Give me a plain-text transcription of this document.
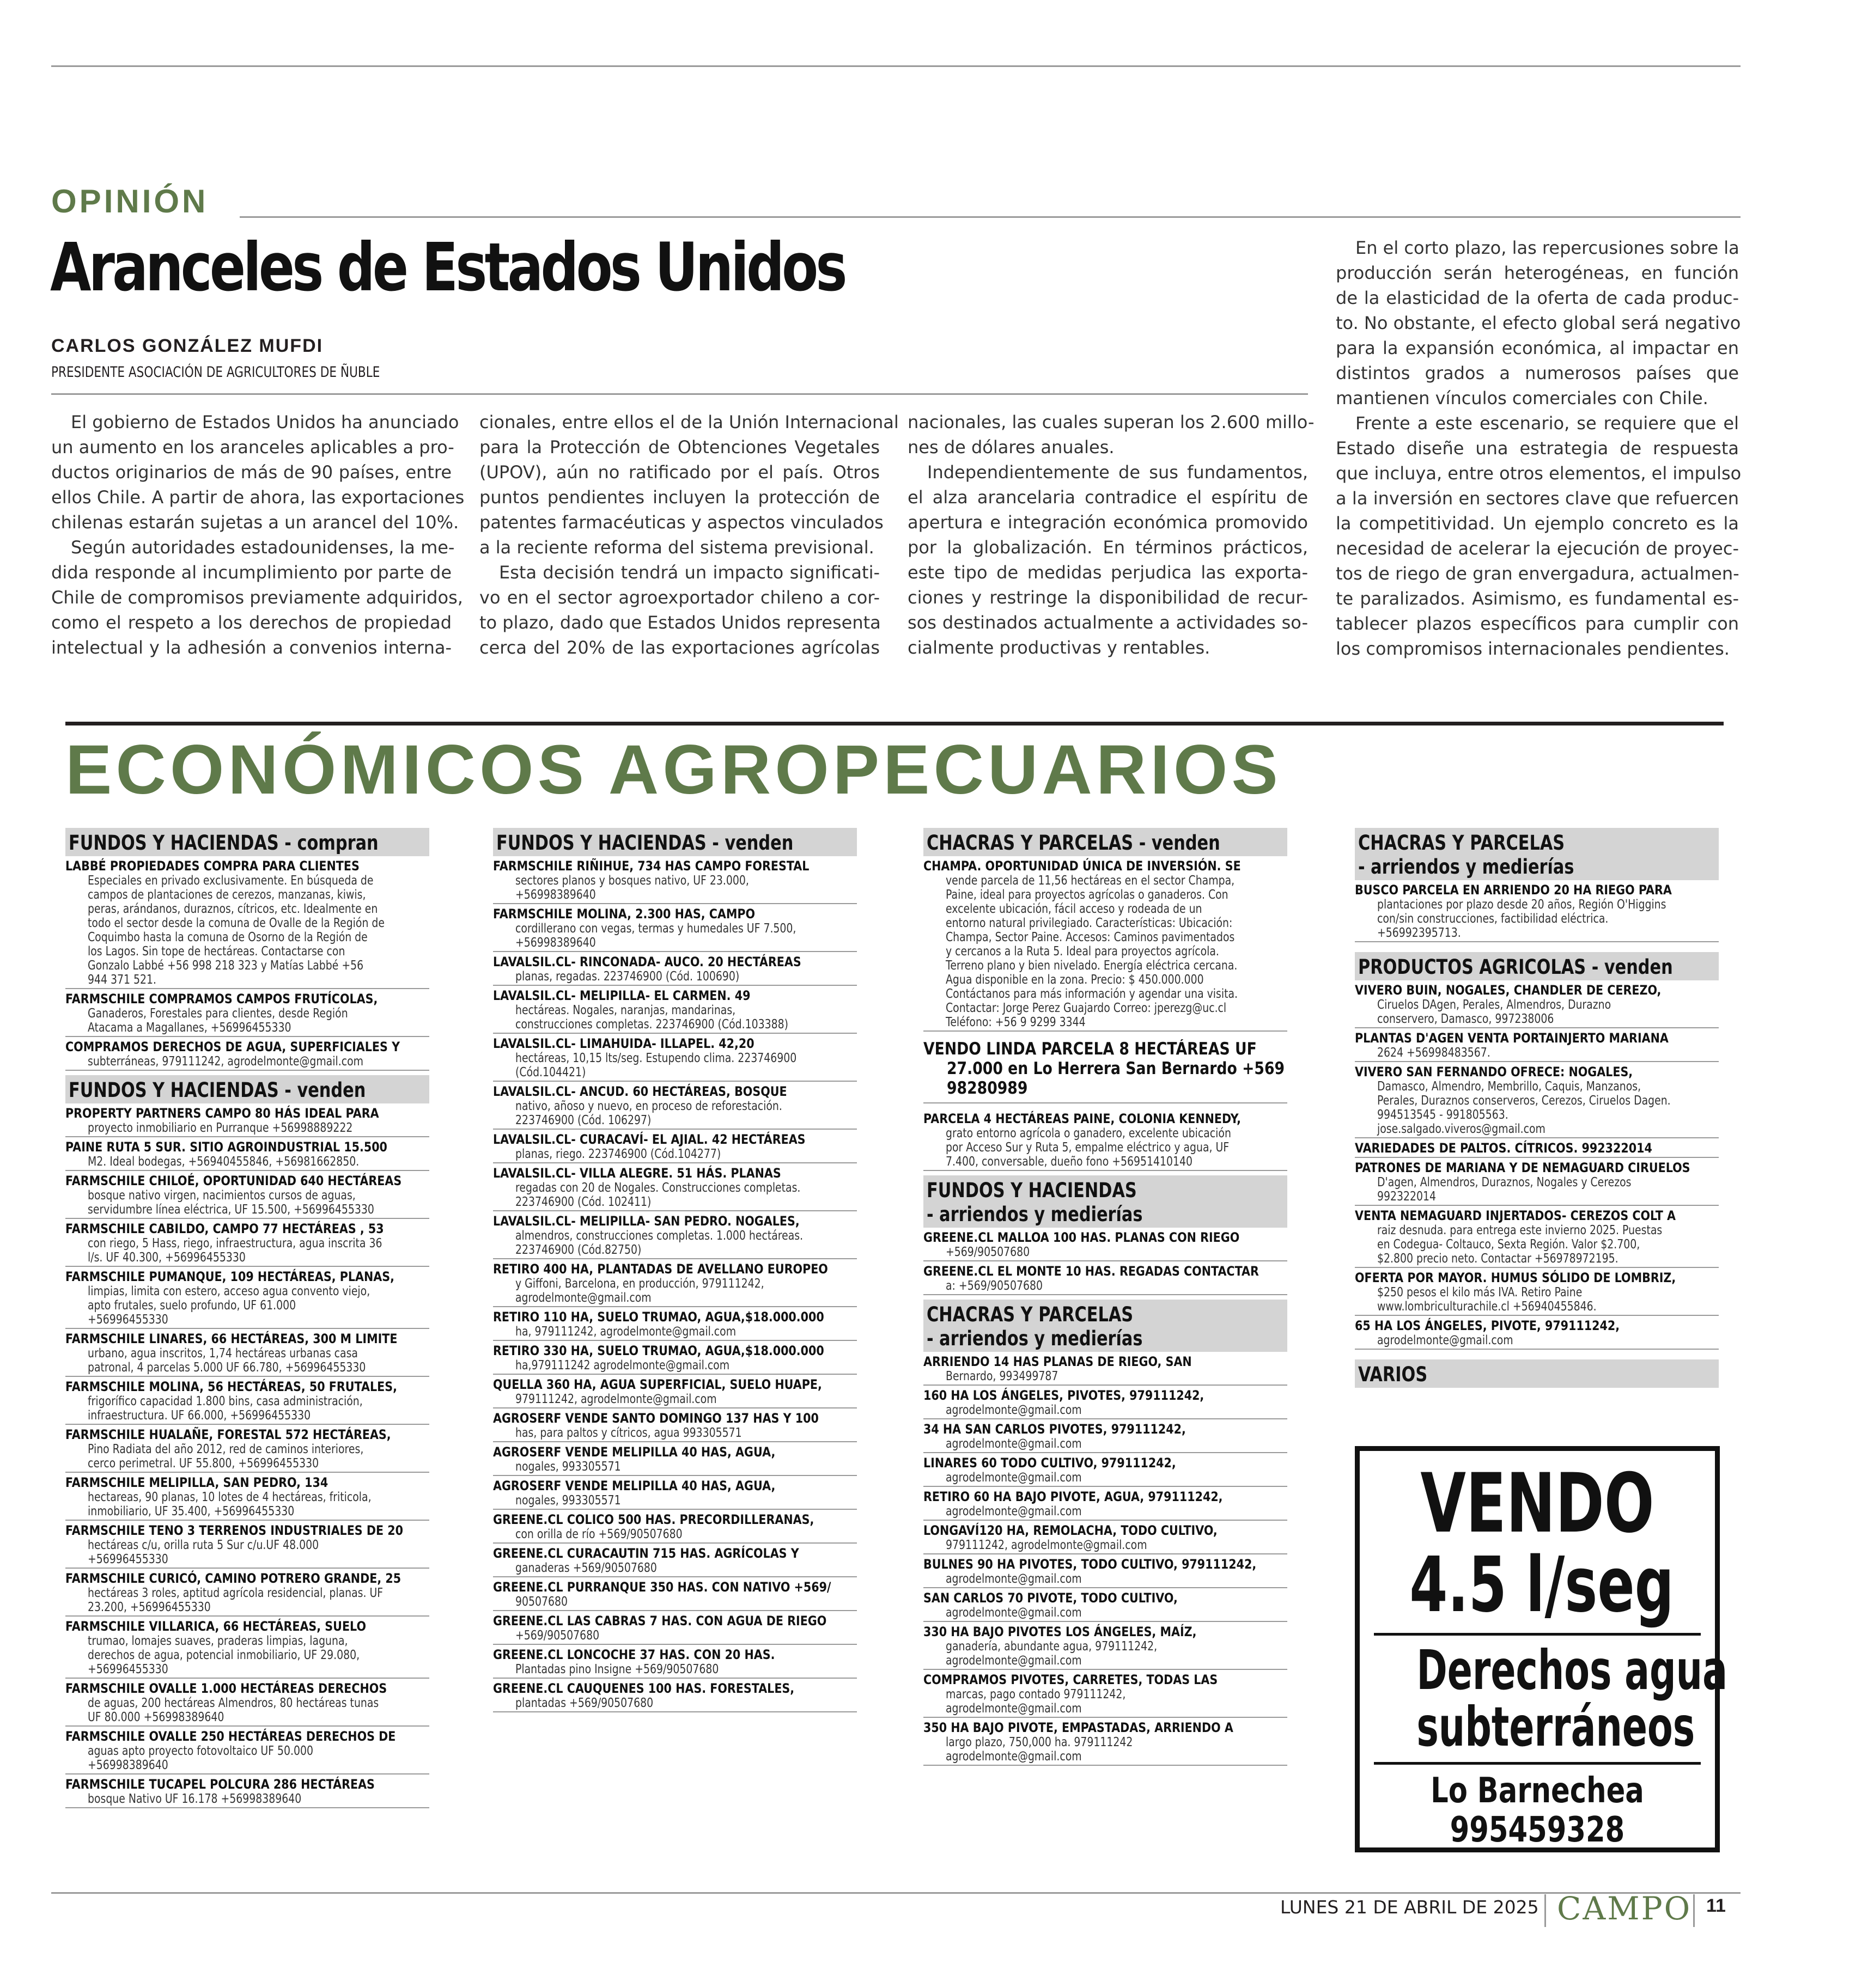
OPINIÓN
Aranceles de Estados Unidos
CARLOS GONZÁLEZ MUFDI
PRESIDENTE ASOCIACIÓN DE AGRICULTORES DE ÑUBLE
El gobierno de Estados Unidos ha anunciado
un aumento en los aranceles aplicables a pro-
ductos originarios de más de 90 países, entre
ellos Chile. A partir de ahora, las exportaciones
chilenas estarán sujetas a un arancel del 10%.
Según autoridades estadounidenses, la me-
dida responde al incumplimiento por parte de
Chile de compromisos previamente adquiridos,
como el respeto a los derechos de propiedad
intelectual y la adhesión a convenios interna-
cionales, entre ellos el de la Unión Internacional
para la Protección de Obtenciones Vegetales
(UPOV), aún no ratificado por el país. Otros
puntos pendientes incluyen la protección de
patentes farmacéuticas y aspectos vinculados
a la reciente reforma del sistema previsional.
Esta decisión tendrá un impacto significati-
vo en el sector agroexportador chileno a cor-
to plazo, dado que Estados Unidos representa
cerca del 20% de las exportaciones agrícolas
nacionales, las cuales superan los 2.600 millo-
nes de dólares anuales.
Independientemente de sus fundamentos,
el alza arancelaria contradice el espíritu de
apertura e integración económica promovido
por la globalización. En términos prácticos,
este tipo de medidas perjudica las exporta-
ciones y restringe la disponibilidad de recur-
sos destinados actualmente a actividades so-
cialmente productivas y rentables.
En el corto plazo, las repercusiones sobre la
producción serán heterogéneas, en función
de la elasticidad de la oferta de cada produc-
to. No obstante, el efecto global será negativo
para la expansión económica, al impactar en
distintos grados a numerosos países que
mantienen vínculos comerciales con Chile.
Frente a este escenario, se requiere que el
Estado diseñe una estrategia de respuesta
que incluya, entre otros elementos, el impulso
a la inversión en sectores clave que refuercen
la competitividad. Un ejemplo concreto es la
necesidad de acelerar la ejecución de proyec-
tos de riego de gran envergadura, actualmen-
te paralizados. Asimismo, es fundamental es-
tablecer plazos específicos para cumplir con
los compromisos internacionales pendientes.
ECONÓMICOS AGROPECUARIOS
FUNDOS Y HACIENDAS - compran
LABBÉ PROPIEDADES COMPRA PARA CLIENTES
Especiales en privado exclusivamente. En búsqueda de
campos de plantaciones de cerezos, manzanas, kiwis,
peras, arándanos, duraznos, cítricos, etc. Idealmente en
todo el sector desde la comuna de Ovalle de la Región de
Coquimbo hasta la comuna de Osorno de la Región de
los Lagos. Sin tope de hectáreas. Contactarse con
Gonzalo Labbé +56 998 218 323 y Matías Labbé +56
944 371 521.
FARMSCHILE COMPRAMOS CAMPOS FRUTÍCOLAS,
Ganaderos, Forestales para clientes, desde Región
Atacama a Magallanes, +56996455330
COMPRAMOS DERECHOS DE AGUA, SUPERFICIALES Y
subterráneas, 979111242, agrodelmonte@gmail.com
FUNDOS Y HACIENDAS - venden
PROPERTY PARTNERS CAMPO 80 HÁS IDEAL PARA
proyecto inmobiliario en Purranque +56998889222
PAINE RUTA 5 SUR. SITIO AGROINDUSTRIAL 15.500
M2. Ideal bodegas, +56940455846, +56981662850.
FARMSCHILE CHILOÉ, OPORTUNIDAD 640 HECTÁREAS
bosque nativo virgen, nacimientos cursos de aguas,
servidumbre línea eléctrica, UF 15.500, +56996455330
FARMSCHILE CABILDO, CAMPO 77 HECTÁREAS , 53
con riego, 5 Hass, riego, infraestructura, agua inscrita 36
l/s. UF 40.300, +56996455330
FARMSCHILE PUMANQUE, 109 HECTÁREAS, PLANAS,
limpias, limita con estero, acceso agua convento viejo,
apto frutales, suelo profundo, UF 61.000
+56996455330
FARMSCHILE LINARES, 66 HECTÁREAS, 300 M LIMITE
urbano, agua inscritos, 1,74 hectáreas urbanas casa
patronal, 4 parcelas 5.000 UF 66.780, +56996455330
FARMSCHILE MOLINA, 56 HECTÁREAS, 50 FRUTALES,
frigorífico capacidad 1.800 bins, casa administración,
infraestructura. UF 66.000, +56996455330
FARMSCHILE HUALAÑE, FORESTAL 572 HECTÁREAS,
Pino Radiata del año 2012, red de caminos interiores,
cerco perimetral. UF 55.800, +56996455330
FARMSCHILE MELIPILLA, SAN PEDRO, 134
hectareas, 90 planas, 10 lotes de 4 hectáreas, friticola,
inmobiliario, UF 35.400, +56996455330
FARMSCHILE TENO 3 TERRENOS INDUSTRIALES DE 20
hectáreas c/u, orilla ruta 5 Sur c/u.UF 48.000
+56996455330
FARMSCHILE CURICÓ, CAMINO POTRERO GRANDE, 25
hectáreas 3 roles, aptitud agrícola residencial, planas. UF
23.200, +56996455330
FARMSCHILE VILLARICA, 66 HECTÁREAS, SUELO
trumao, lomajes suaves, praderas limpias, laguna,
derechos de agua, potencial inmobiliario, UF 29.080,
+56996455330
FARMSCHILE OVALLE 1.000 HECTÁREAS DERECHOS
de aguas, 200 hectáreas Almendros, 80 hectáreas tunas
UF 80.000 +56998389640
FARMSCHILE OVALLE 250 HECTÁREAS DERECHOS DE
aguas apto proyecto fotovoltaico UF 50.000
+56998389640
FARMSCHILE TUCAPEL POLCURA 286 HECTÁREAS
bosque Nativo UF 16.178 +56998389640
FUNDOS Y HACIENDAS - venden
FARMSCHILE RIÑIHUE, 734 HAS CAMPO FORESTAL
sectores planos y bosques nativo, UF 23.000,
+56998389640
FARMSCHILE MOLINA, 2.300 HAS, CAMPO
cordillerano con vegas, termas y humedales UF 7.500,
+56998389640
LAVALSIL.CL- RINCONADA- AUCO. 20 HECTÁREAS
planas, regadas. 223746900 (Cód. 100690)
LAVALSIL.CL- MELIPILLA- EL CARMEN. 49
hectáreas. Nogales, naranjas, mandarinas,
construcciones completas. 223746900 (Cód.103388)
LAVALSIL.CL- LIMAHUIDA- ILLAPEL. 42,20
hectáreas, 10,15 lts/seg. Estupendo clima. 223746900
(Cód.104421)
LAVALSIL.CL- ANCUD. 60 HECTÁREAS, BOSQUE
nativo, añoso y nuevo, en proceso de reforestación.
223746900 (Cód. 106297)
LAVALSIL.CL- CURACAVÍ- EL AJIAL. 42 HECTÁREAS
planas, riego. 223746900 (Cód.104277)
LAVALSIL.CL- VILLA ALEGRE. 51 HÁS. PLANAS
regadas con 20 de Nogales. Construcciones completas.
223746900 (Cód. 102411)
LAVALSIL.CL- MELIPILLA- SAN PEDRO. NOGALES,
almendros, construcciones completas. 1.000 hectáreas.
223746900 (Cód.82750)
RETIRO 400 HA, PLANTADAS DE AVELLANO EUROPEO
y Giffoni, Barcelona, en producción, 979111242,
agrodelmonte@gmail.com
RETIRO 110 HA, SUELO TRUMAO, AGUA,$18.000.000
ha, 979111242, agrodelmonte@gmail.com
RETIRO 330 HA, SUELO TRUMAO, AGUA,$18.000.000
ha,979111242 agrodelmonte@gmail.com
QUELLA 360 HA, AGUA SUPERFICIAL, SUELO HUAPE,
979111242, agrodelmonte@gmail.com
AGROSERF VENDE SANTO DOMINGO 137 HAS Y 100
has, para paltos y cítricos, agua 993305571
AGROSERF VENDE MELIPILLA 40 HAS, AGUA,
nogales, 993305571
AGROSERF VENDE MELIPILLA 40 HAS, AGUA,
nogales, 993305571
GREENE.CL COLICO 500 HAS. PRECORDILLERANAS,
con orilla de río +569/90507680
GREENE.CL CURACAUTIN 715 HAS. AGRÍCOLAS Y
ganaderas +569/90507680
GREENE.CL PURRANQUE 350 HAS. CON NATIVO +569/
90507680
GREENE.CL LAS CABRAS 7 HAS. CON AGUA DE RIEGO
+569/90507680
GREENE.CL LONCOCHE 37 HAS. CON 20 HAS.
Plantadas pino Insigne +569/90507680
GREENE.CL CAUQUENES 100 HAS. FORESTALES,
plantadas +569/90507680
CHACRAS Y PARCELAS - venden
CHAMPA. OPORTUNIDAD ÚNICA DE INVERSIÓN. SE
vende parcela de 11,56 hectáreas en el sector Champa,
Paine, ideal para proyectos agrícolas o ganaderos. Con
excelente ubicación, fácil acceso y rodeada de un
entorno natural privilegiado. Características: Ubicación:
Champa, Sector Paine. Accesos: Caminos pavimentados
y cercanos a la Ruta 5. Ideal para proyectos agrícola.
Terreno plano y bien nivelado. Energía eléctrica cercana.
Agua disponible en la zona. Precio: $ 450.000.000
Contáctanos para más información y agendar una visita.
Contactar: Jorge Perez Guajardo Correo: jperezg@uc.cl
Teléfono: +56 9 9299 3344
VENDO LINDA PARCELA 8 HECTÁREAS UF
27.000 en Lo Herrera San Bernardo +569
98280989
PARCELA 4 HECTÁREAS PAINE, COLONIA KENNEDY,
grato entorno agrícola o ganadero, excelente ubicación
por Acceso Sur y Ruta 5, empalme eléctrico y agua, UF
7.400, conversable, dueño fono +56951410140
FUNDOS Y HACIENDAS
- arriendos y medierías
GREENE.CL MALLOA 100 HAS. PLANAS CON RIEGO
+569/90507680
GREENE.CL EL MONTE 10 HAS. REGADAS CONTACTAR
a: +569/90507680
CHACRAS Y PARCELAS
- arriendos y medierías
ARRIENDO 14 HAS PLANAS DE RIEGO, SAN
Bernardo, 993499787
160 HA LOS ÁNGELES, PIVOTES, 979111242,
agrodelmonte@gmail.com
34 HA SAN CARLOS PIVOTES, 979111242,
agrodelmonte@gmail.com
LINARES 60 TODO CULTIVO, 979111242,
agrodelmonte@gmail.com
RETIRO 60 HA BAJO PIVOTE, AGUA, 979111242,
agrodelmonte@gmail.com
LONGAVÍ120 HA, REMOLACHA, TODO CULTIVO,
979111242, agrodelmonte@gmail.com
BULNES 90 HA PIVOTES, TODO CULTIVO, 979111242,
agrodelmonte@gmail.com
SAN CARLOS 70 PIVOTE, TODO CULTIVO,
agrodelmonte@gmail.com
330 HA BAJO PIVOTES LOS ÁNGELES, MAÍZ,
ganadería, abundante agua, 979111242,
agrodelmonte@gmail.com
COMPRAMOS PIVOTES, CARRETES, TODAS LAS
marcas, pago contado 979111242,
agrodelmonte@gmail.com
350 HA BAJO PIVOTE, EMPASTADAS, ARRIENDO A
largo plazo, 750,000 ha. 979111242
agrodelmonte@gmail.com
CHACRAS Y PARCELAS
- arriendos y medierías
BUSCO PARCELA EN ARRIENDO 20 HA RIEGO PARA
plantaciones por plazo desde 20 años, Región O'Higgins
con/sin construcciones, factibilidad eléctrica.
+56992395713.
PRODUCTOS AGRICOLAS - venden
VIVERO BUIN, NOGALES, CHANDLER DE CEREZO,
Ciruelos DAgen, Perales, Almendros, Durazno
conservero, Damasco, 997238006
PLANTAS D'AGEN VENTA PORTAINJERTO MARIANA
2624 +56998483567.
VIVERO SAN FERNANDO OFRECE: NOGALES,
Damasco, Almendro, Membrillo, Caquis, Manzanos,
Perales, Duraznos conserveros, Cerezos, Ciruelos Dagen.
994513545 - 991805563.
jose.salgado.viveros@gmail.com
VARIEDADES DE PALTOS. CÍTRICOS. 992322014
PATRONES DE MARIANA Y DE NEMAGUARD CIRUELOS
D'agen, Almendros, Duraznos, Nogales y Cerezos
992322014
VENTA NEMAGUARD INJERTADOS- CEREZOS COLT A
raiz desnuda. para entrega este invierno 2025. Puestas
en Codegua- Coltauco, Sexta Región. Valor $2.700,
$2.800 precio neto. Contactar +56978972195.
OFERTA POR MAYOR. HUMUS SÓLIDO DE LOMBRIZ,
$250 pesos el kilo más IVA. Retiro Paine
www.lombriculturachile.cl +56940455846.
65 HA LOS ÁNGELES, PIVOTE, 979111242,
agrodelmonte@gmail.com
VARIOS
VENDO
4.5 l/seg
Derechos agua
subterráneos
Lo Barnechea
995459328
LUNES 21 DE ABRIL DE 2025 CAMPO 11
